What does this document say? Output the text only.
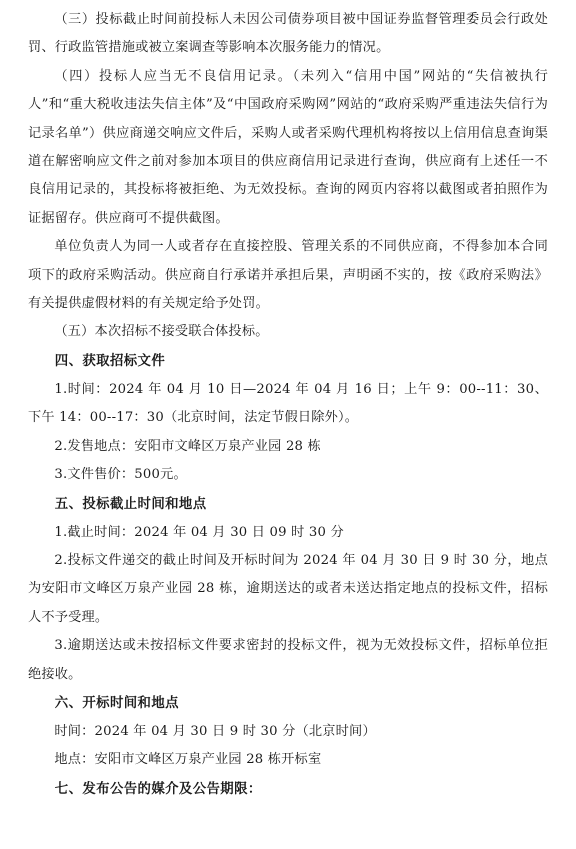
（三）投标截止时间前投标人未因公司债券项目被中国证券监督管理委员会行政处罚、行政监管措施或被立案调查等影响本次服务能力的情况。

（四）投标人应当无不良信用记录。（未列入“信用中国”网站的“失信被执行人”和“重大税收违法失信主体”及“中国政府采购网”网站的“政府采购严重违法失信行为记录名单”）供应商递交响应文件后，采购人或者采购代理机构将按以上信用信息查询渠道在解密响应文件之前对参加本项目的供应商信用记录进行查询，供应商有上述任一不良信用记录的，其投标将被拒绝、为无效投标。查询的网页内容将以截图或者拍照作为证据留存。供应商可不提供截图。

单位负责人为同一人或者存在直接控股、管理关系的不同供应商，不得参加本合同项下的政府采购活动。供应商自行承诺并承担后果，声明函不实的，按《政府采购法》有关提供虚假材料的有关规定给予处罚。

（五）本次招标不接受联合体投标。

四、获取招标文件

1.时间：2024 年 04 月 10 日—2024 年 04 月 16 日；上午 9：00--11：30、下午 14：00--17：30（北京时间，法定节假日除外）。

2.发售地点：安阳市文峰区万泉产业园 28 栋

3.文件售价：500元。

五、投标截止时间和地点

1.截止时间：2024 年 04 月 30 日 09 时 30 分

2.投标文件递交的截止时间及开标时间为 2024 年 04 月 30 日 9 时 30 分，地点为安阳市文峰区万泉产业园 28 栋，逾期送达的或者未送达指定地点的投标文件，招标人不予受理。

3.逾期送达或未按招标文件要求密封的投标文件，视为无效投标文件，招标单位拒绝接收。

六、开标时间和地点

时间：2024 年 04 月 30 日 9 时 30 分（北京时间）

地点：安阳市文峰区万泉产业园 28 栋开标室

七、发布公告的媒介及公告期限：
